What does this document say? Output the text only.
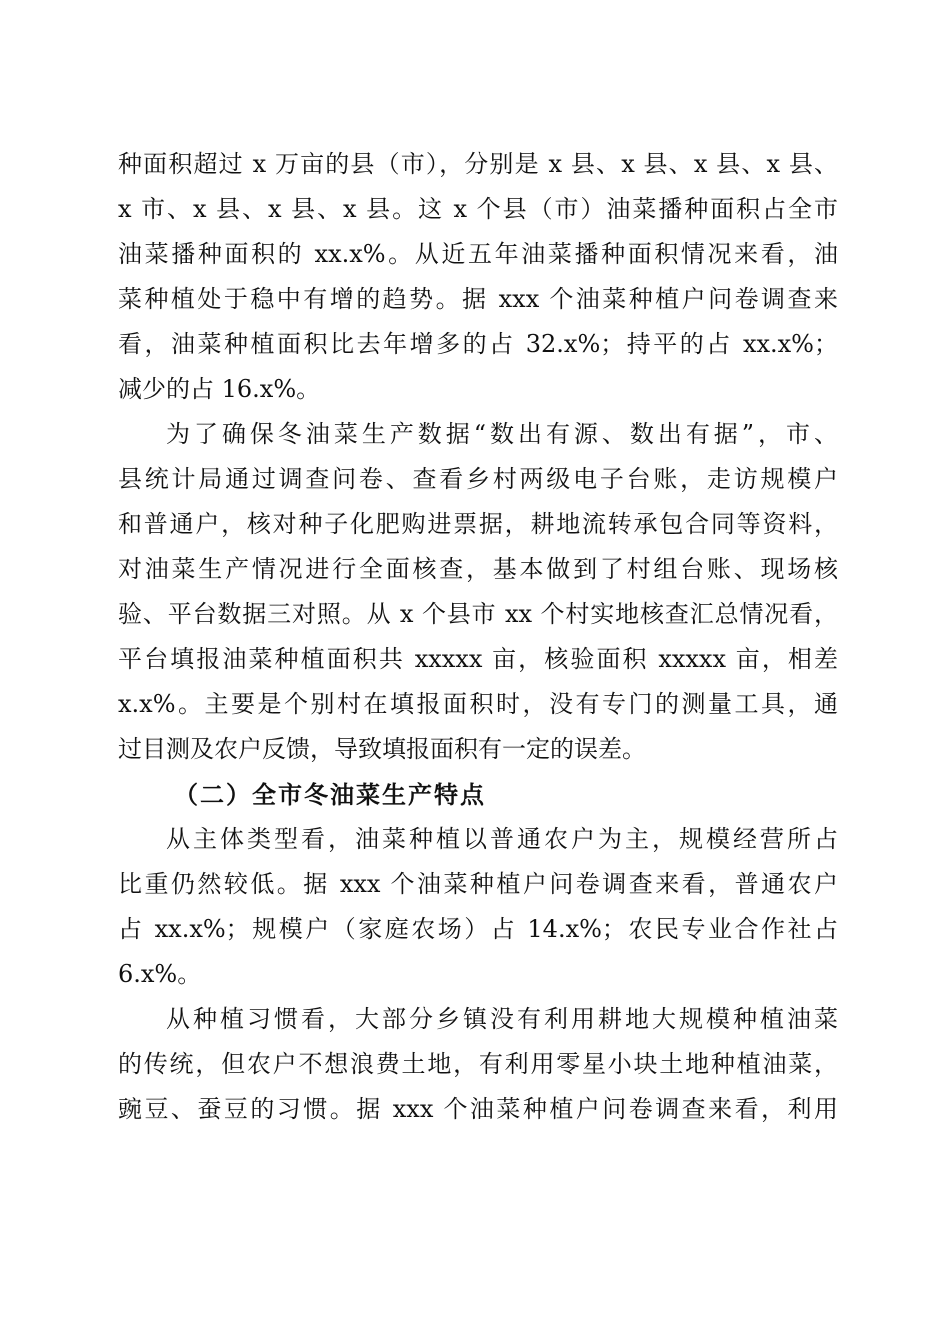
种面积超过 x 万亩的县（市），分别是 x 县、x 县、x 县、x 县、
x 市、x 县、x 县、x 县。这 x 个县（市）油菜播种面积占全市
油菜播种面积的 xx.x%。从近五年油菜播种面积情况来看，油
菜种植处于稳中有增的趋势。据 xxx 个油菜种植户问卷调查来
看，油菜种植面积比去年增多的占 32.x%；持平的占 xx.x%；
减少的占 16.x%。
为了确保冬油菜生产数据“数出有源、数出有据”，市、
县统计局通过调查问卷、查看乡村两级电子台账，走访规模户
和普通户，核对种子化肥购进票据，耕地流转承包合同等资料，
对油菜生产情况进行全面核查，基本做到了村组台账、现场核
验、平台数据三对照。从 x 个县市 xx 个村实地核查汇总情况看，
平台填报油菜种植面积共 xxxxx 亩，核验面积 xxxxx 亩，相差
x.x%。主要是个别村在填报面积时，没有专门的测量工具，通
过目测及农户反馈，导致填报面积有一定的误差。
（二）全市冬油菜生产特点
从主体类型看，油菜种植以普通农户为主，规模经营所占
比重仍然较低。据 xxx 个油菜种植户问卷调查来看，普通农户
占 xx.x%；规模户（家庭农场）占 14.x%；农民专业合作社占
6.x%。
从种植习惯看，大部分乡镇没有利用耕地大规模种植油菜
的传统，但农户不想浪费土地，有利用零星小块土地种植油菜，
豌豆、蚕豆的习惯。据 xxx 个油菜种植户问卷调查来看，利用
